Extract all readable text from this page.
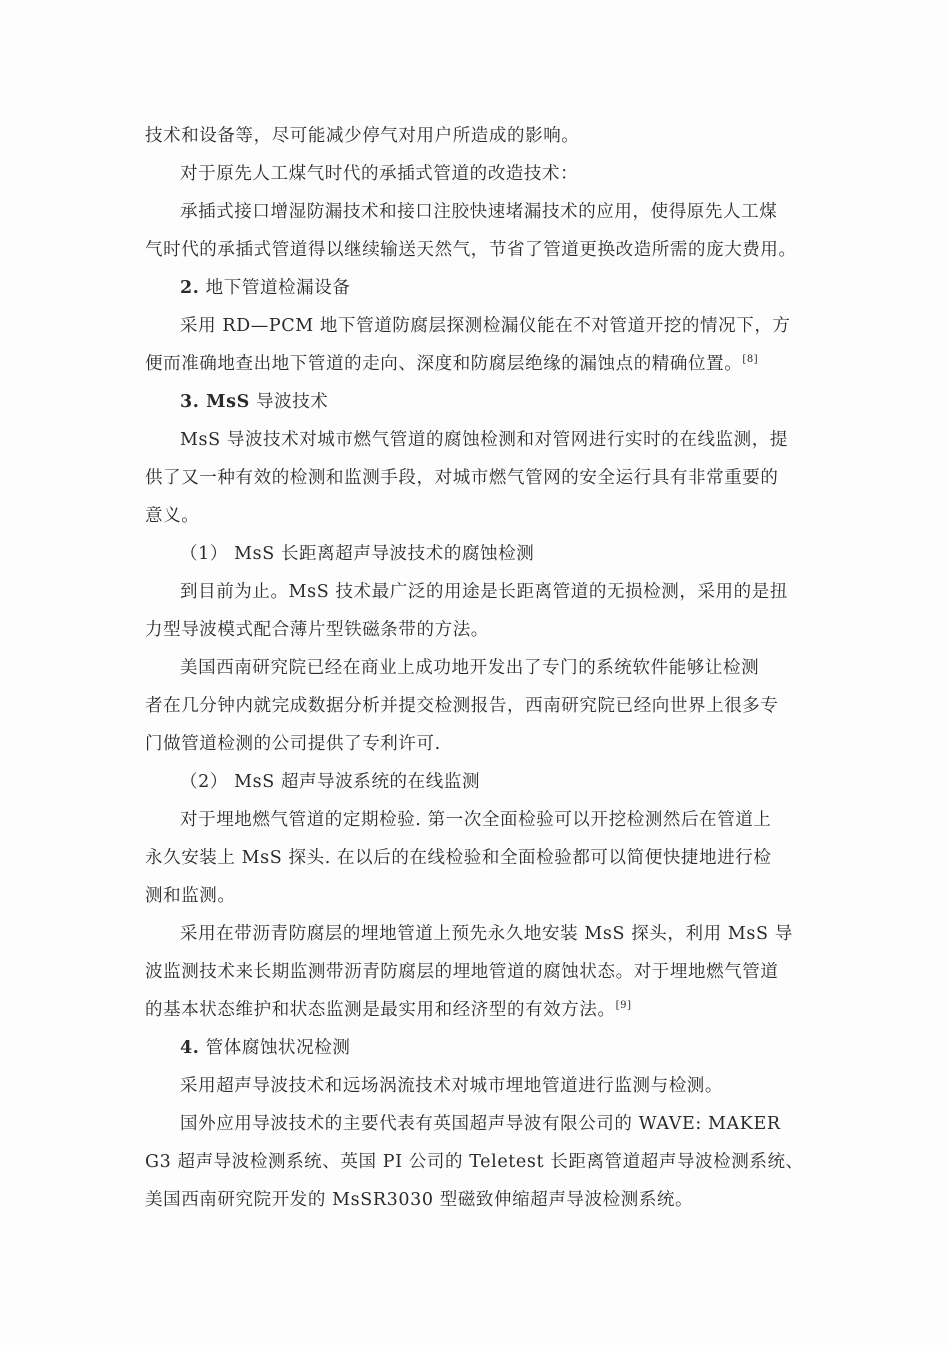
技术和设备等，尽可能减少停气对用户所造成的影响。
对于原先人工煤气时代的承插式管道的改造技术：
承插式接口增湿防漏技术和接口注胶快速堵漏技术的应用，使得原先人工煤
气时代的承插式管道得以继续输送天然气，节省了管道更换改造所需的庞大费用。
2. 地下管道检漏设备
采用 RD—PCM 地下管道防腐层探测检漏仪能在不对管道开挖的情况下，方
便而准确地查出地下管道的走向、深度和防腐层绝缘的漏蚀点的精确位置。[8]
3. MsS 导波技术
MsS 导波技术对城市燃气管道的腐蚀检测和对管网进行实时的在线监测，提
供了又一种有效的检测和监测手段，对城市燃气管网的安全运行具有非常重要的
意义。
（1） MsS 长距离超声导波技术的腐蚀检测
到目前为止。MsS 技术最广泛的用途是长距离管道的无损检测，采用的是扭
力型导波模式配合薄片型铁磁条带的方法。
美国西南研究院已经在商业上成功地开发出了专门的系统软件能够让检测
者在几分钟内就完成数据分析并提交检测报告，西南研究院已经向世界上很多专
门做管道检测的公司提供了专利许可.
（2） MsS 超声导波系统的在线监测
对于埋地燃气管道的定期检验. 第一次全面检验可以开挖检测然后在管道上
永久安装上 MsS 探头. 在以后的在线检验和全面检验都可以简便快捷地进行检
测和监测。
采用在带沥青防腐层的埋地管道上预先永久地安装 MsS 探头，利用 MsS 导
波监测技术来长期监测带沥青防腐层的埋地管道的腐蚀状态。对于埋地燃气管道
的基本状态维护和状态监测是最实用和经济型的有效方法。[9]
4. 管体腐蚀状况检测
采用超声导波技术和远场涡流技术对城市埋地管道进行监测与检测。
国外应用导波技术的主要代表有英国超声导波有限公司的 WAVE: MAKER
G3 超声导波检测系统、英国 PI 公司的 Teletest 长距离管道超声导波检测系统、
美国西南研究院开发的 MsSR3030 型磁致伸缩超声导波检测系统。
